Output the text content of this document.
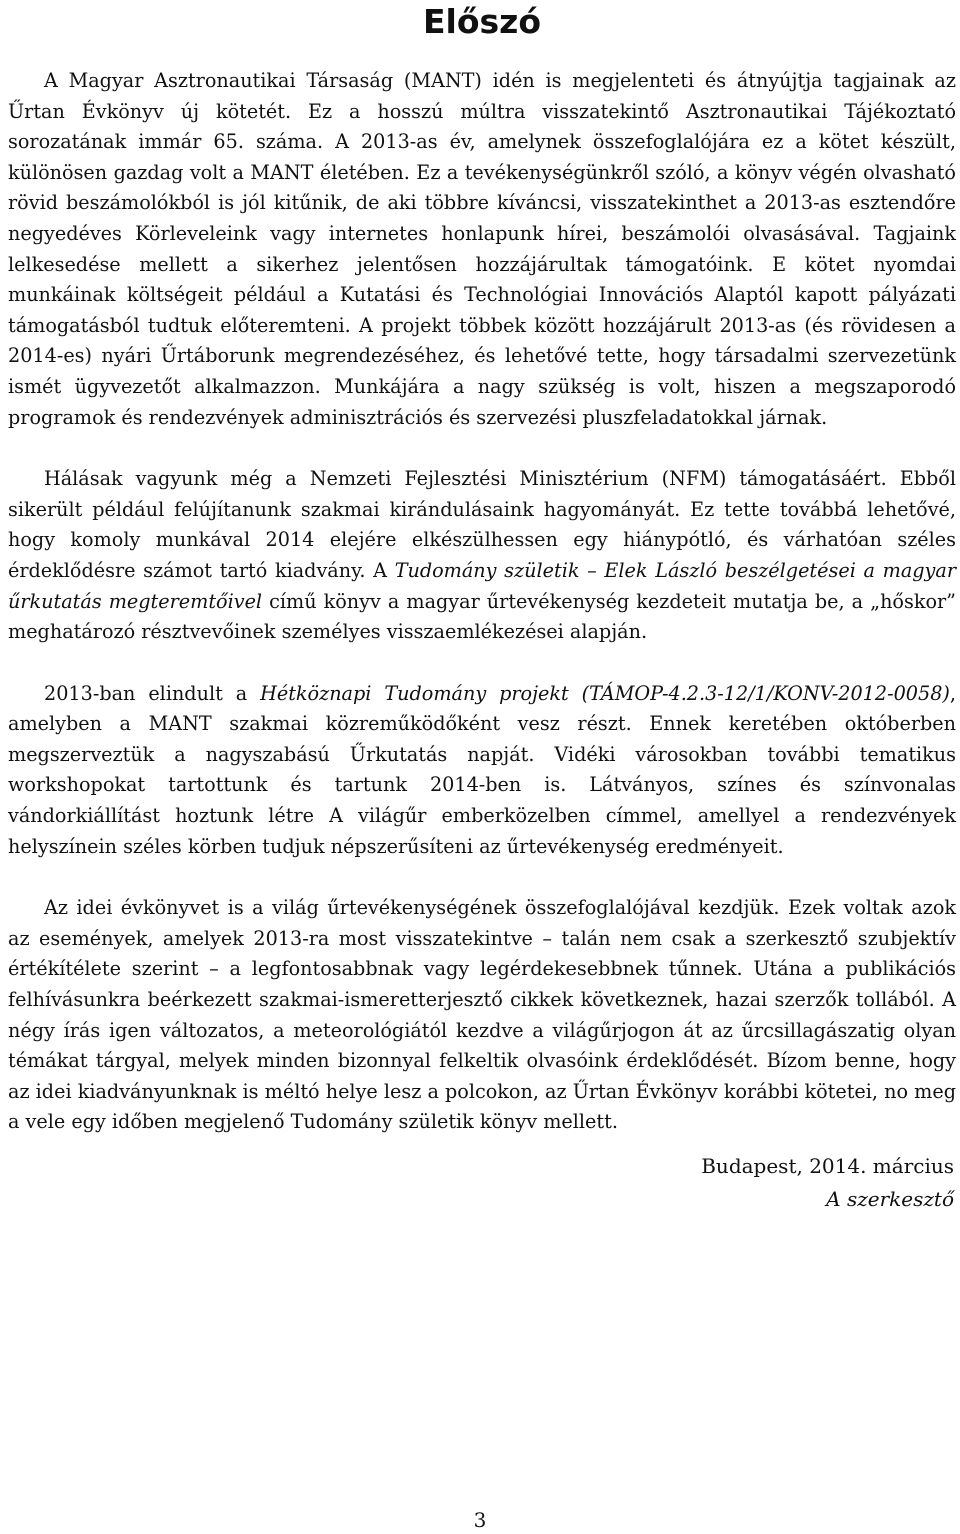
Előszó

A Magyar Asztronautikai Társaság (MANT) idén is megjelenteti és átnyújtja tagjainak az Űrtan Évkönyv új kötetét. Ez a hosszú múltra visszatekintő Asztronautikai Tájékoztató sorozatának immár 65. száma. A 2013-as év, amelynek összefoglalójára ez a kötet készült, különösen gazdag volt a MANT életében. Ez a tevékenységünkről szóló, a könyv végén olvasható rövid beszámolókból is jól kitűnik, de aki többre kíváncsi, visszatekinthet a 2013-as esztendőre negyedéves Körleveleink vagy internetes honlapunk hírei, beszámolói olvasásával. Tagjaink lelkesedése mellett a sikerhez jelentősen hozzájárultak támogatóink. E kötet nyomdai munkáinak költségeit például a Kutatási és Technológiai Innovációs Alaptól kapott pályázati támogatásból tudtuk előteremteni. A projekt többek között hozzájárult 2013-as (és rövidesen a 2014-es) nyári Űrtáborunk megrendezéséhez, és lehetővé tette, hogy társadalmi szervezetünk ismét ügyvezetőt alkalmazzon. Munkájára a nagy szükség is volt, hiszen a megszaporodó programok és rendezvények adminisztrációs és szervezési pluszfeladatokkal járnak.

Hálásak vagyunk még a Nemzeti Fejlesztési Minisztérium (NFM) támogatásáért. Ebből sikerült például felújítanunk szakmai kirándulásaink hagyományát. Ez tette továbbá lehetővé, hogy komoly munkával 2014 elejére elkészülhessen egy hiánypótló, és várhatóan széles érdeklődésre számot tartó kiadvány. A Tudomány születik – Elek László beszélgetései a magyar űrkutatás megteremtőivel című könyv a magyar űrtevékenység kezdeteit mutatja be, a „hőskor” meghatározó résztvevőinek személyes visszaemlékezései alapján.

2013-ban elindult a Hétköznapi Tudomány projekt (TÁMOP-4.2.3-12/1/KONV-2012-0058), amelyben a MANT szakmai közreműködőként vesz részt. Ennek keretében októberben megszerveztük a nagyszabású Űrkutatás napját. Vidéki városokban további tematikus workshopokat tartottunk és tartunk 2014-ben is. Látványos, színes és színvonalas vándorkiállítást hoztunk létre A világűr emberközelben címmel, amellyel a rendezvények helyszínein széles körben tudjuk népszerűsíteni az űrtevékenység eredményeit.

Az idei évkönyvet is a világ űrtevékenységének összefoglalójával kezdjük. Ezek voltak azok az események, amelyek 2013-ra most visszatekintve – talán nem csak a szerkesztő szubjektív értékítélete szerint – a legfontosabbnak vagy legérdekesebbnek tűnnek. Utána a publikációs felhívásunkra beérkezett szakmai-ismeretterjesztő cikkek következnek, hazai szerzők tollából. A négy írás igen változatos, a meteorológiától kezdve a világűrjogon át az űrcsillagászatig olyan témákat tárgyal, melyek minden bizonnyal felkeltik olvasóink érdeklődését. Bízom benne, hogy az idei kiadványunknak is méltó helye lesz a polcokon, az Űrtan Évkönyv korábbi kötetei, no meg a vele egy időben megjelenő Tudomány születik könyv mellett.

Budapest, 2014. március

A szerkesztő

3
